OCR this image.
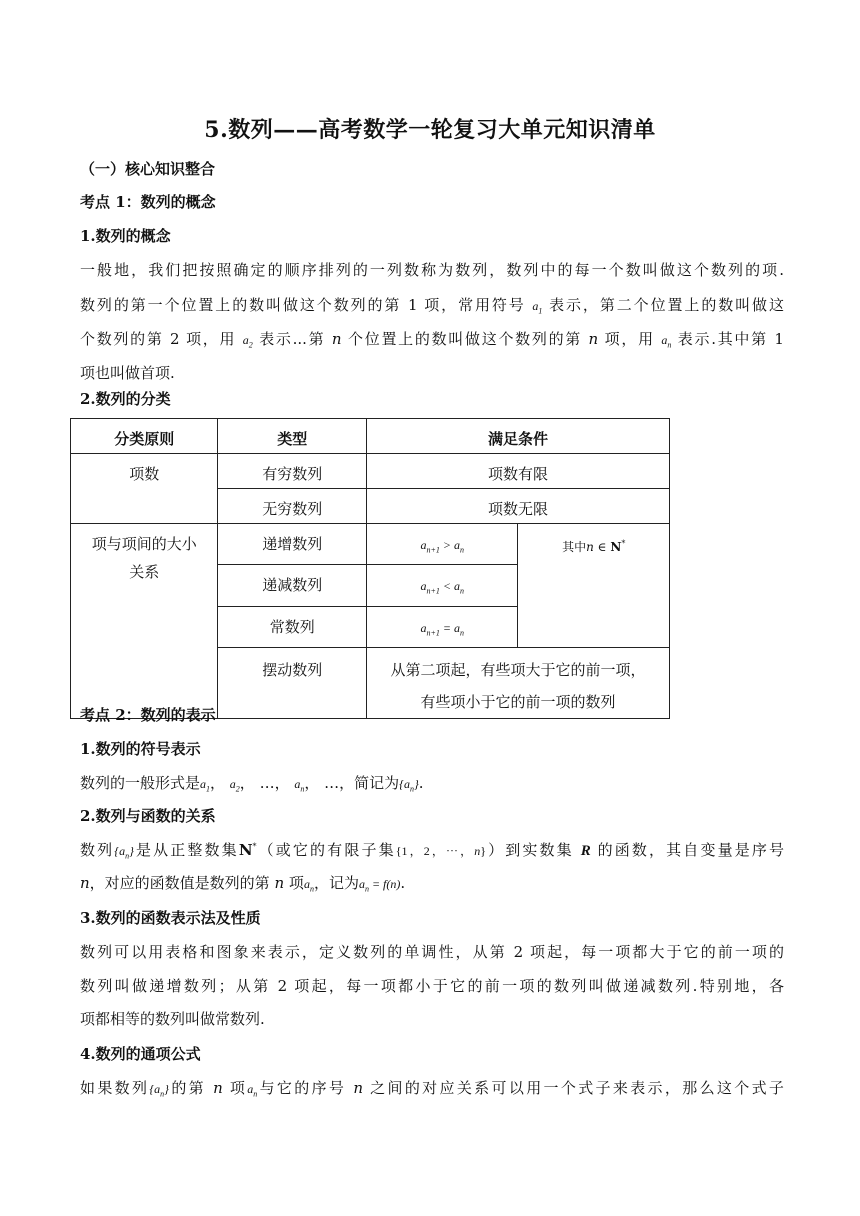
5.数列——高考数学一轮复习大单元知识清单
（一）核心知识整合
考点 1：数列的概念
1.数列的概念
一般地，我们把按照确定的顺序排列的一列数称为数列，数列中的每一个数叫做这个数列的项.
数列的第一个位置上的数叫做这个数列的第 1 项，常用符号 $a_1$ 表示，第二个位置上的数叫做这
个数列的第 2 项，用 $a_2$ 表示...第 n 个位置上的数叫做这个数列的第 n 项，用 $a_n$ 表示.其中第 1
项也叫做首项.
2.数列的分类
分类原则	类型	满足条件	
项数	有穷数列	项数有限	
	无穷数列	项数无限	
项与项间的大小
关系	递增数列	$a_{n+1} > a_n$	其中n ∈ N*
	递减数列	$a_{n+1} < a_n$
	常数列	$a_{n+1} = a_n$
	摆动数列	从第二项起，有些项大于它的前一项，
有些项小于它的前一项的数列	
考点 2：数列的表示
1.数列的符号表示
数列的一般形式是$a_1$， $a_2$， …， $a_n$， …，简记为$\{a_n\}$.
2.数列与函数的关系
数列$\{a_n\}$是从正整数集N*（或它的有限子集{1，2，⋯，n}）到实数集 R 的函数，其自变量是序号
n，对应的函数值是数列的第 n 项$a_n$，记为$a_n = f(n)$.
3.数列的函数表示法及性质
数列可以用表格和图象来表示，定义数列的单调性，从第 2 项起，每一项都大于它的前一项的
数列叫做递增数列；从第 2 项起，每一项都小于它的前一项的数列叫做递减数列.特别地，各
项都相等的数列叫做常数列.
4.数列的通项公式
如果数列$\{a_n\}$的第 n 项$a_n$与它的序号 n 之间的对应关系可以用一个式子来表示，那么这个式子
